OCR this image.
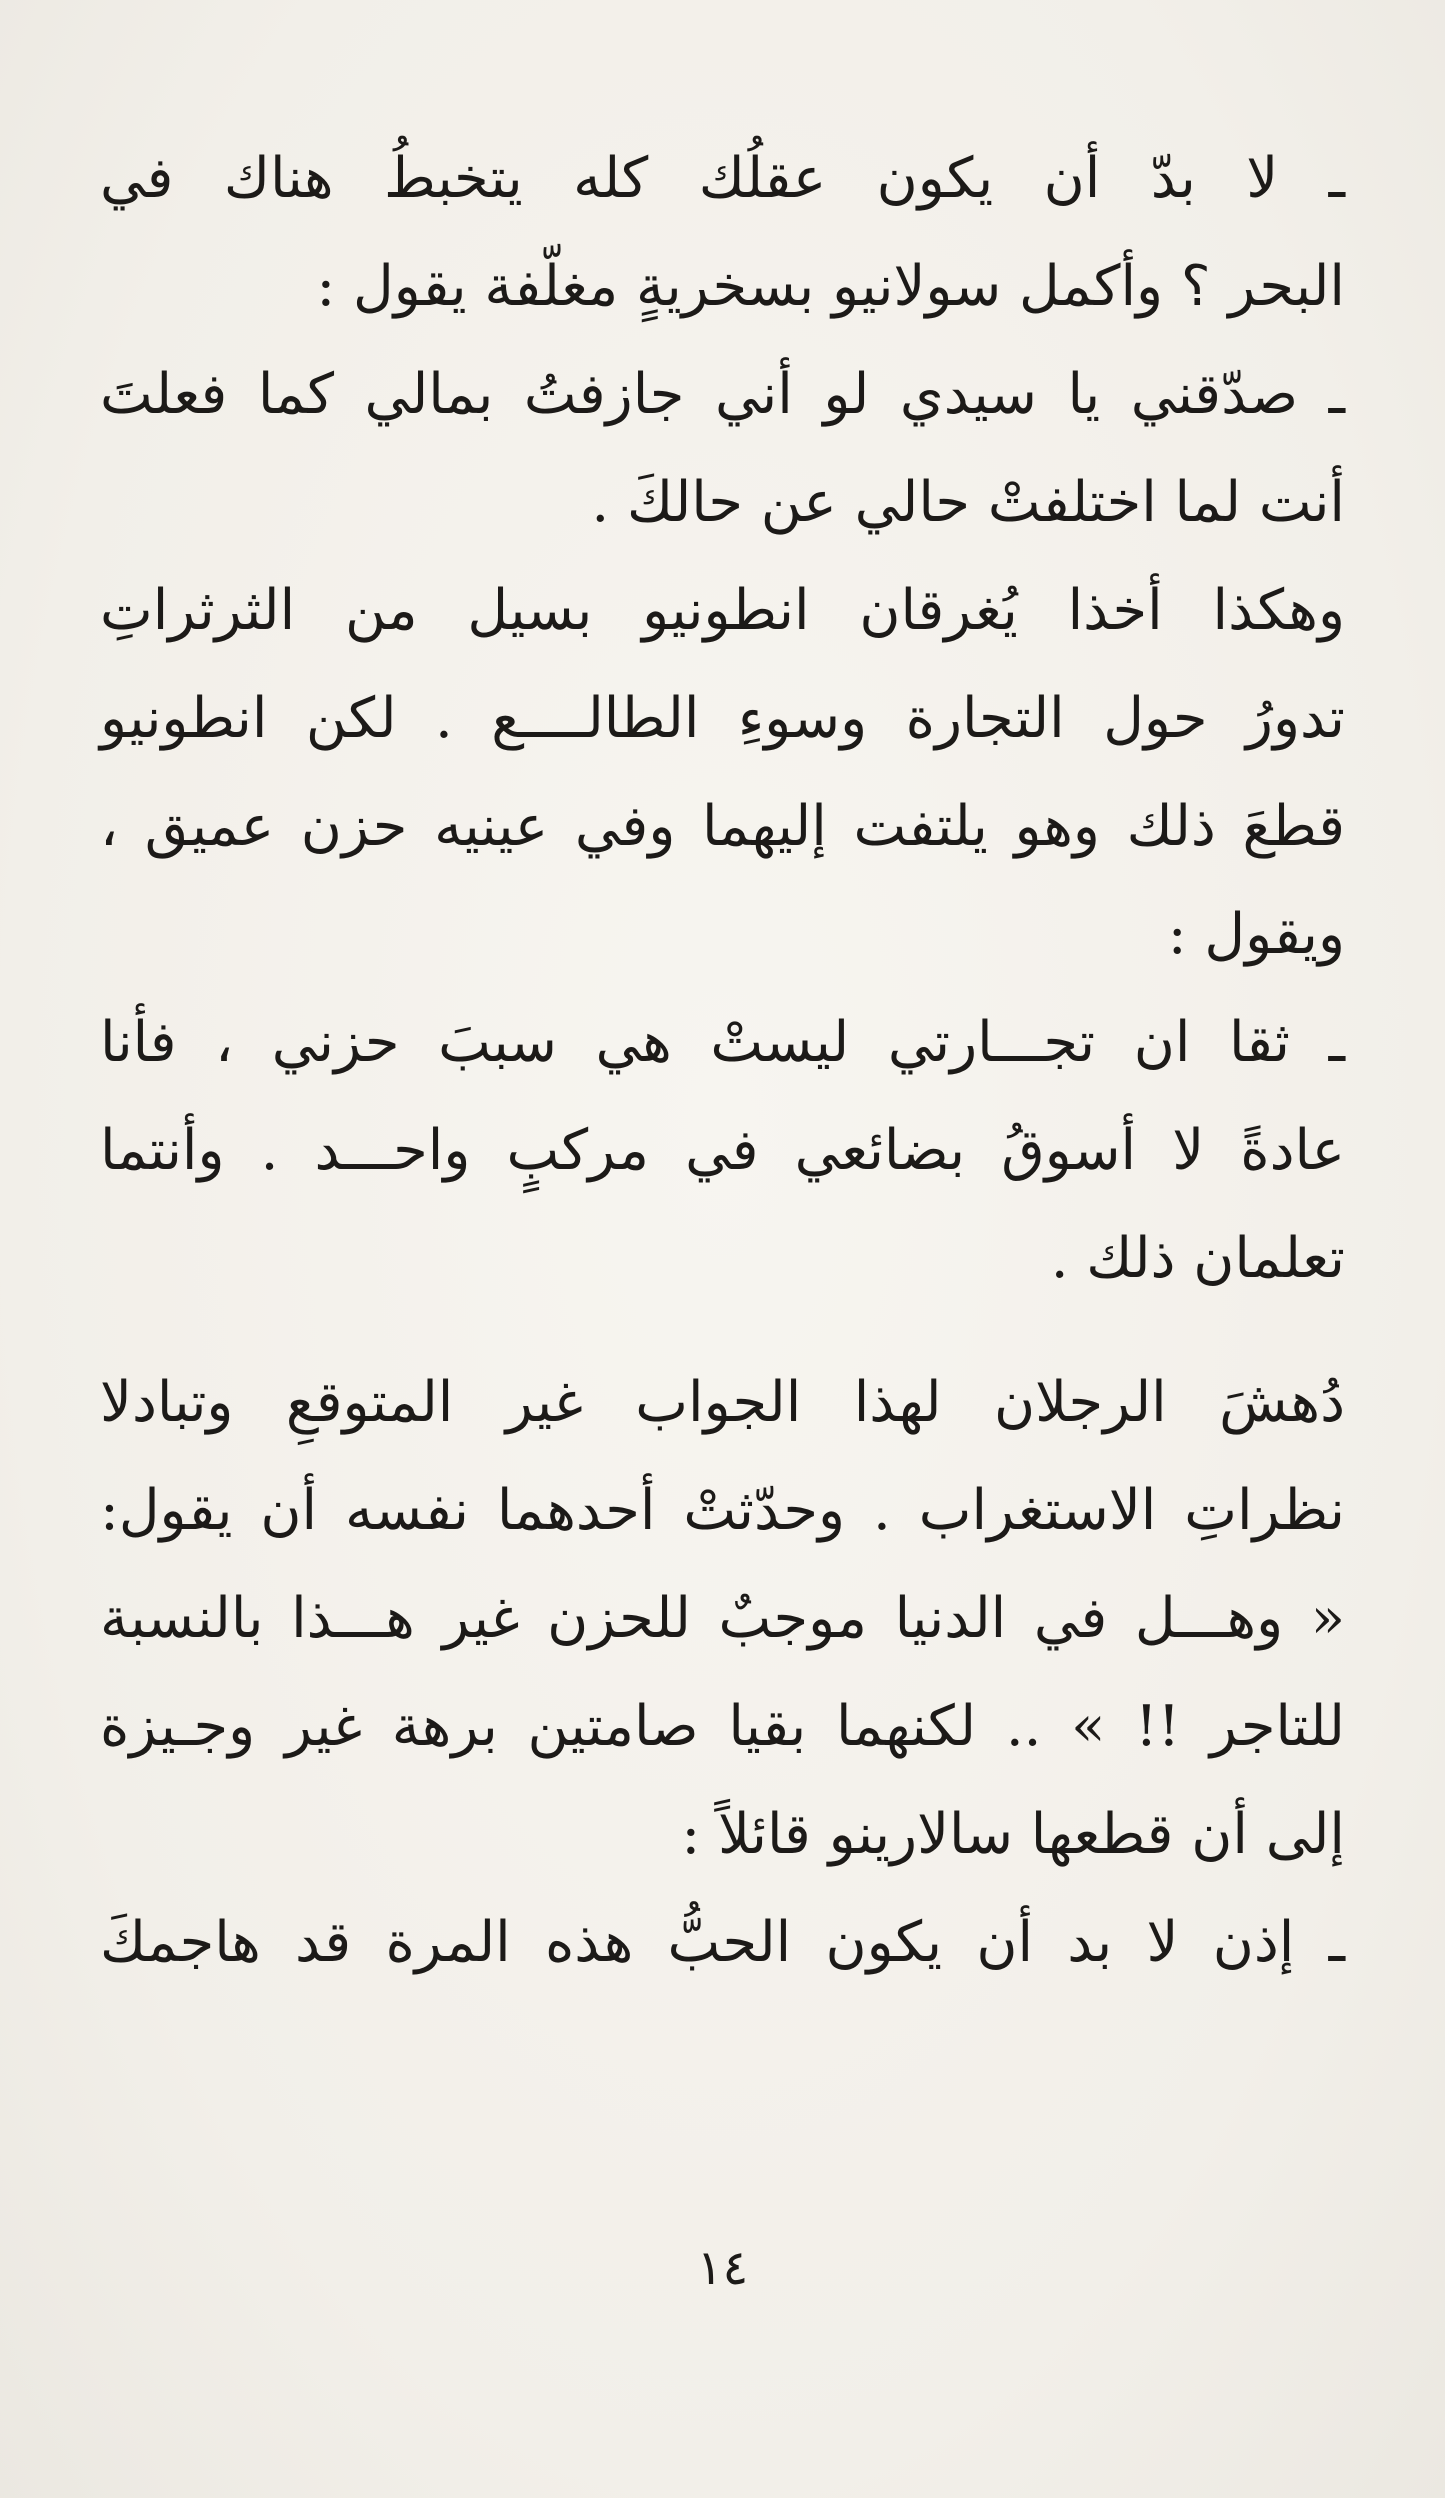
ـ لا بدّ أن يكون عقلُك كله يتخبطُ هناك في
البحر ؟ وأكمل سولانيو بسخريةٍ مغلّفة يقول :
ـ صدّقني يا سيدي لو أني جازفتُ بمالي كما فعلتَ
أنت لما اختلفتْ حالي عن حالكَ .
وهكذا أخذا يُغرقان انطونيو بسيل من الثرثراتِ
تدورُ حول التجارة وسوءِ الطالــــع . لكن انطونيو
قطعَ ذلك وهو يلتفت إليهما وفي عينيه حزن عميق ،
ويقول :
ـ ثقا ان تجـــارتي ليستْ هي سببَ حزني ، فأنا
عادةً لا أسوقُ بضائعي في مركبٍ واحـــد . وأنتما
تعلمان ذلك .
دُهشَ الرجلان لهذا الجواب غير المتوقعِ وتبادلا
نظراتِ الاستغراب . وحدّثتْ أحدهما نفسه أن يقول:
« وهـــل في الدنيا موجبٌ للحزن غير هـــذا بالنسبة
للتاجر !! » .. لكنهما بقيا صامتين برهة غير وجـيزة
إلى أن قطعها سالارينو قائلاً :
ـ إذن لا بد أن يكون الحبُّ هذه المرة قد هاجمكَ
١٤
